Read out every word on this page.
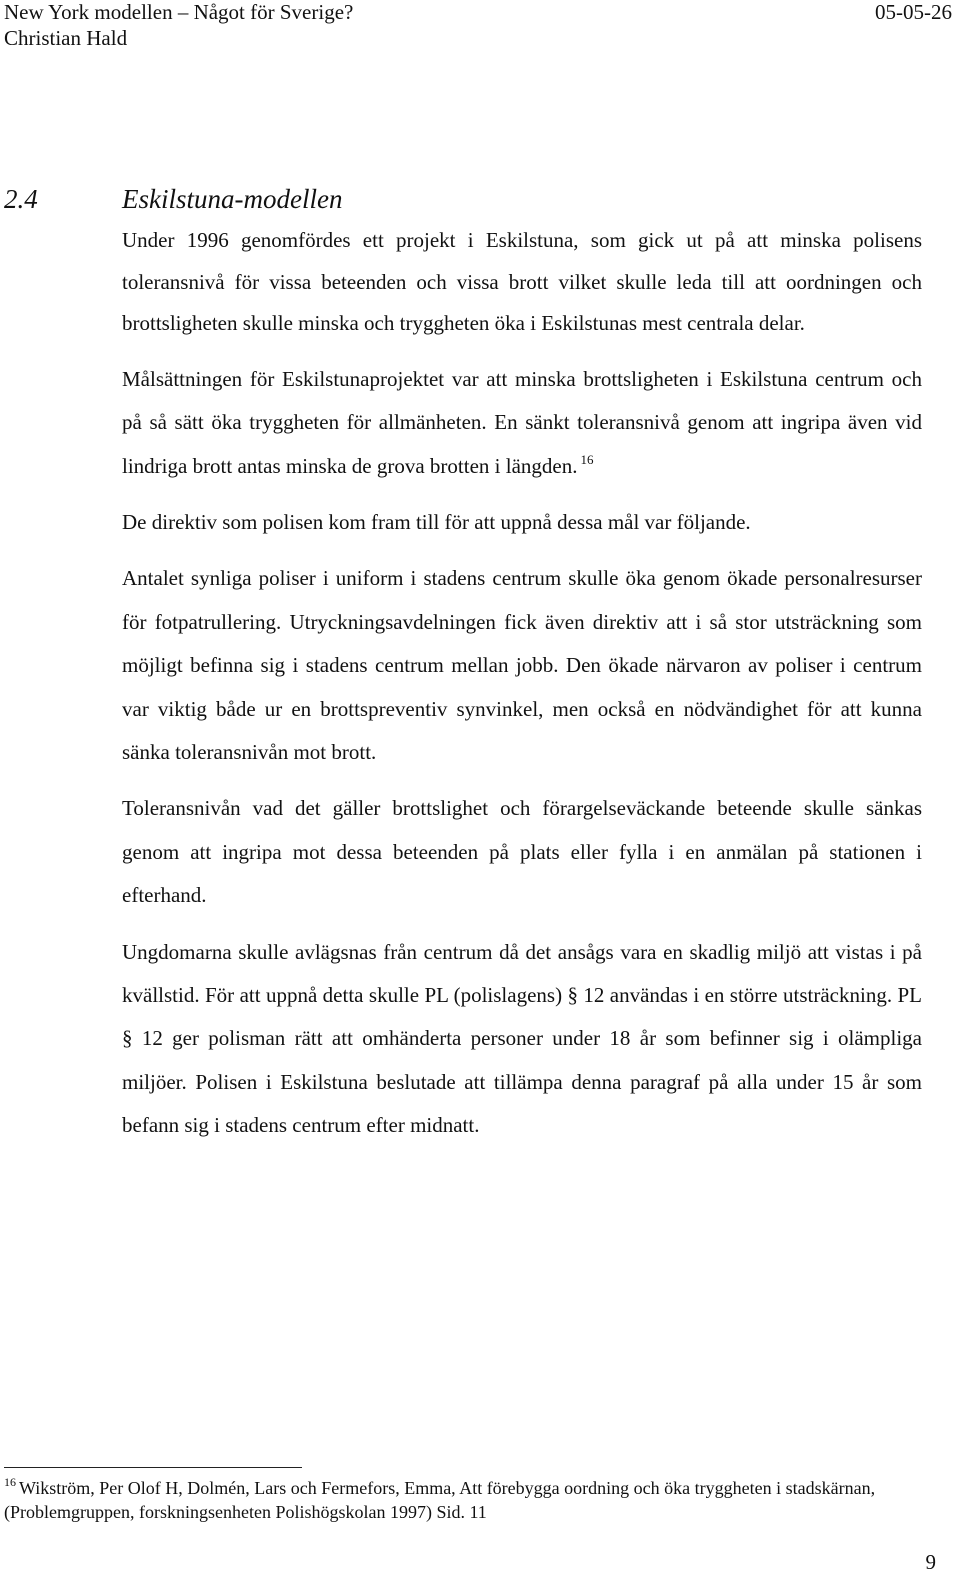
New York modellen – Något för Sverige?
Christian Hald
05-05-26
2.4	Eskilstuna-modellen

Under 1996 genomfördes ett projekt i Eskilstuna, som gick ut på att minska polisens toleransnivå för vissa beteenden och vissa brott vilket skulle leda till att oordningen och brottsligheten skulle minska och tryggheten öka i Eskilstunas mest centrala delar.

Målsättningen för Eskilstunaprojektet var att minska brottsligheten i Eskilstuna centrum och på så sätt öka tryggheten för allmänheten. En sänkt toleransnivå genom att ingripa även vid lindriga brott antas minska de grova brotten i längden. $^{16}$

De direktiv som polisen kom fram till för att uppnå dessa mål var följande.

Antalet synliga poliser i uniform i stadens centrum skulle öka genom ökade personalresurser för fotpatrullering. Utryckningsavdelningen fick även direktiv att i så stor utsträckning som möjligt befinna sig i stadens centrum mellan jobb. Den ökade närvaron av poliser i centrum var viktig både ur en brottspreventiv synvinkel, men också en nödvändighet för att kunna sänka toleransnivån mot brott.

Toleransnivån vad det gäller brottslighet och förargelseväckande beteende skulle sänkas genom att ingripa mot dessa beteenden på plats eller fylla i en anmälan på stationen i efterhand.

Ungdomarna skulle avlägsnas från centrum då det ansågs vara en skadlig miljö att vistas i på kvällstid. För att uppnå detta skulle PL (polislagens) § 12 användas i en större utsträckning. PL § 12 ger polisman rätt att omhänderta personer under 18 år som befinner sig i olämpliga miljöer. Polisen i Eskilstuna beslutade att tillämpa denna paragraf på alla under 15 år som befann sig i stadens centrum efter midnatt.

$^{16}$ Wikström, Per Olof H, Dolmén, Lars och Fermefors, Emma, Att förebygga oordning och öka tryggheten i stadskärnan, (Problemgruppen, forskningsenheten Polishögskolan 1997) Sid. 11
9
